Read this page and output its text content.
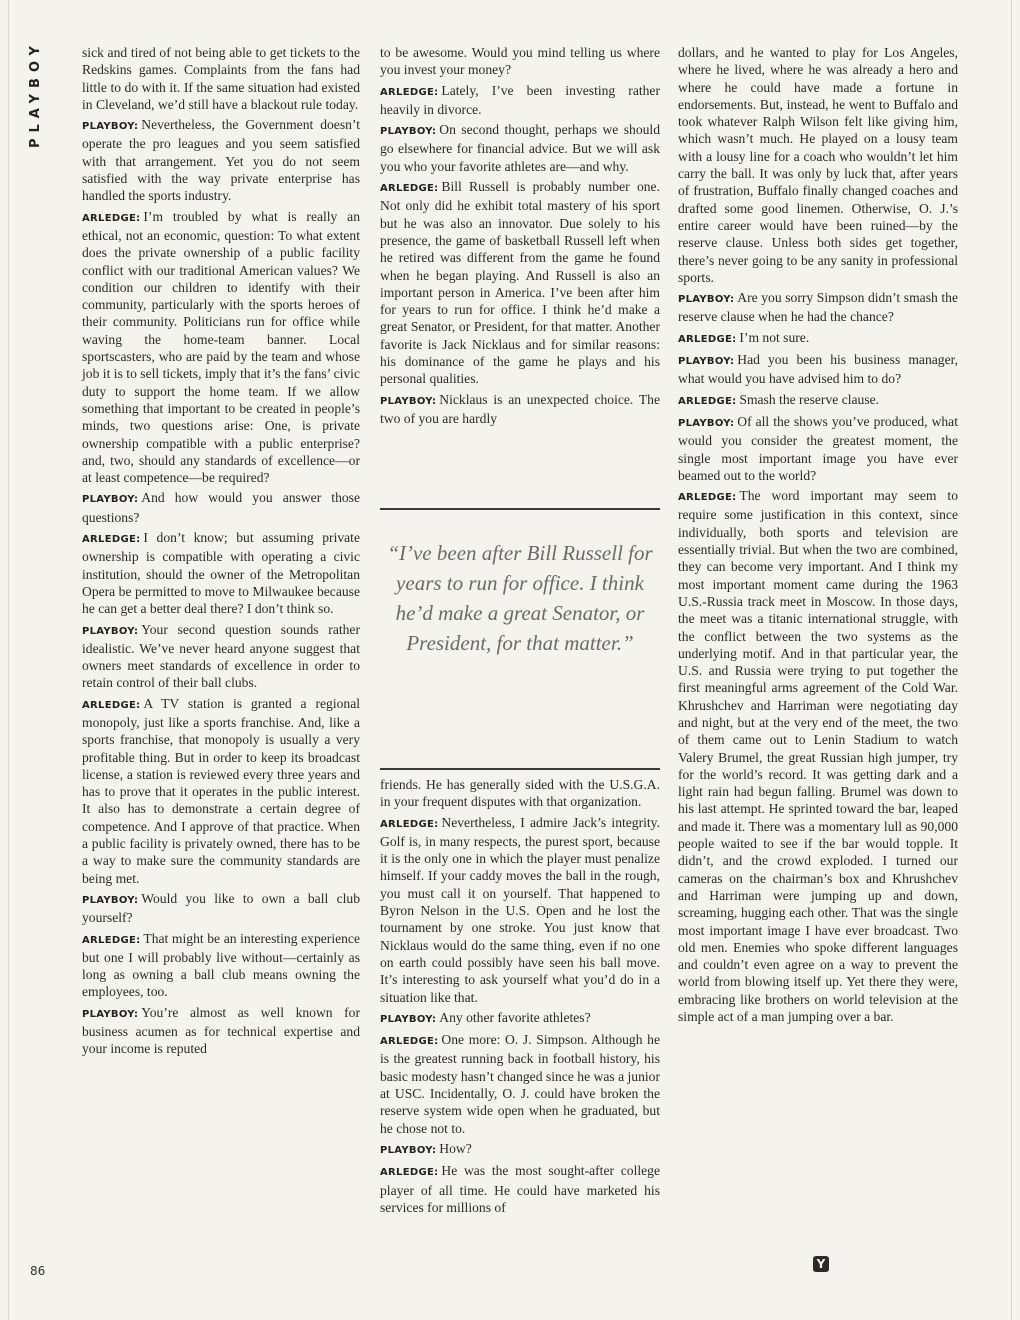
PLAYBOY	sick and tired of not being able to get tickets to the Redskins games. Complaints from the fans had little to do with it. If the same situation had existed in Cleveland, we’d still have a blackout rule today.

PLAYBOY: Nevertheless, the Government doesn’t operate the pro leagues and you seem satisfied with that arrangement. Yet you do not seem satisfied with the way private enterprise has handled the sports industry.

ARLEDGE: I’m troubled by what is really an ethical, not an economic, question: To what extent does the private ownership of a public facility conflict with our traditional American values? We condition our children to identify with their community, particularly with the sports heroes of their community. Politicians run for office while waving the home-team banner. Local sportscasters, who are paid by the team and whose job it is to sell tickets, imply that it’s the fans’ civic duty to support the home team. If we allow something that important to be created in people’s minds, two questions arise: One, is private ownership compatible with a public enterprise? and, two, should any standards of excellence—or at least competence—be required?

PLAYBOY: And how would you answer those questions?

ARLEDGE: I don’t know; but assuming private ownership is compatible with operating a civic institution, should the owner of the Metropolitan Opera be permitted to move to Milwaukee because he can get a better deal there? I don’t think so.

PLAYBOY: Your second question sounds rather idealistic. We’ve never heard anyone suggest that owners meet standards of excellence in order to retain control of their ball clubs.

ARLEDGE: A TV station is granted a regional monopoly, just like a sports franchise. And, like a sports franchise, that monopoly is usually a very profitable thing. But in order to keep its broadcast license, a station is reviewed every three years and has to prove that it operates in the public interest. It also has to demonstrate a certain degree of competence. And I approve of that practice. When a public facility is privately owned, there has to be a way to make sure the community standards are being met.

PLAYBOY: Would you like to own a ball club yourself?

ARLEDGE: That might be an interesting experience but one I will probably live without—certainly as long as owning a ball club means owning the employees, too.

PLAYBOY: You’re almost as well known for business acumen as for technical expertise and your income is reputed

to be awesome. Would you mind telling us where you invest your money?

ARLEDGE: Lately, I’ve been investing rather heavily in divorce.

PLAYBOY: On second thought, perhaps we should go elsewhere for financial advice. But we will ask you who your favorite athletes are—and why.

ARLEDGE: Bill Russell is probably number one. Not only did he exhibit total mastery of his sport but he was also an innovator. Due solely to his presence, the game of basketball Russell left when he retired was different from the game he found when he began playing. And Russell is also an important person in America. I’ve been after him for years to run for office. I think he’d make a great Senator, or President, for that matter. Another favorite is Jack Nicklaus and for similar reasons: his dominance of the game he plays and his personal qualities.

PLAYBOY: Nicklaus is an unexpected choice. The two of you are hardly

“I’ve been after Bill Russell for years to run for office. I think he’d make a great Senator, or President, for that matter.”

friends. He has generally sided with the U.S.G.A. in your frequent disputes with that organization.

ARLEDGE: Nevertheless, I admire Jack’s integrity. Golf is, in many respects, the purest sport, because it is the only one in which the player must penalize himself. If your caddy moves the ball in the rough, you must call it on yourself. That happened to Byron Nelson in the U.S. Open and he lost the tournament by one stroke. You just know that Nicklaus would do the same thing, even if no one on earth could possibly have seen his ball move. It’s interesting to ask yourself what you’d do in a situation like that.

PLAYBOY: Any other favorite athletes?

ARLEDGE: One more: O. J. Simpson. Although he is the greatest running back in football history, his basic modesty hasn’t changed since he was a junior at USC. Incidentally, O. J. could have broken the reserve system wide open when he graduated, but he chose not to.

PLAYBOY: How?

ARLEDGE: He was the most sought-after college player of all time. He could have marketed his services for millions of

dollars, and he wanted to play for Los Angeles, where he lived, where he was already a hero and where he could have made a fortune in endorsements. But, instead, he went to Buffalo and took whatever Ralph Wilson felt like giving him, which wasn’t much. He played on a lousy team with a lousy line for a coach who wouldn’t let him carry the ball. It was only by luck that, after years of frustration, Buffalo finally changed coaches and drafted some good linemen. Otherwise, O. J.’s entire career would have been ruined—by the reserve clause. Unless both sides get together, there’s never going to be any sanity in professional sports.

PLAYBOY: Are you sorry Simpson didn’t smash the reserve clause when he had the chance?

ARLEDGE: I’m not sure.

PLAYBOY: Had you been his business manager, what would you have advised him to do?

ARLEDGE: Smash the reserve clause.

PLAYBOY: Of all the shows you’ve produced, what would you consider the greatest moment, the single most important image you have ever beamed out to the world?

ARLEDGE: The word important may seem to require some justification in this context, since individually, both sports and television are essentially trivial. But when the two are combined, they can become very important. And I think my most important moment came during the 1963 U.S.-Russia track meet in Moscow. In those days, the meet was a titanic international struggle, with the conflict between the two systems as the underlying motif. And in that particular year, the U.S. and Russia were trying to put together the first meaningful arms agreement of the Cold War. Khrushchev and Harriman were negotiating day and night, but at the very end of the meet, the two of them came out to Lenin Stadium to watch Valery Brumel, the great Russian high jumper, try for the world’s record. It was getting dark and a light rain had begun falling. Brumel was down to his last attempt. He sprinted toward the bar, leaped and made it. There was a momentary lull as 90,000 people waited to see if the bar would topple. It didn’t, and the crowd exploded. I turned our cameras on the chairman’s box and Khrushchev and Harriman were jumping up and down, screaming, hugging each other. That was the single most important image I have ever broadcast. Two old men. Enemies who spoke different languages and couldn’t even agree on a way to prevent the world from blowing itself up. Yet there they were, embracing like brothers on world television at the simple act of a man jumping over a bar.

86	Y
